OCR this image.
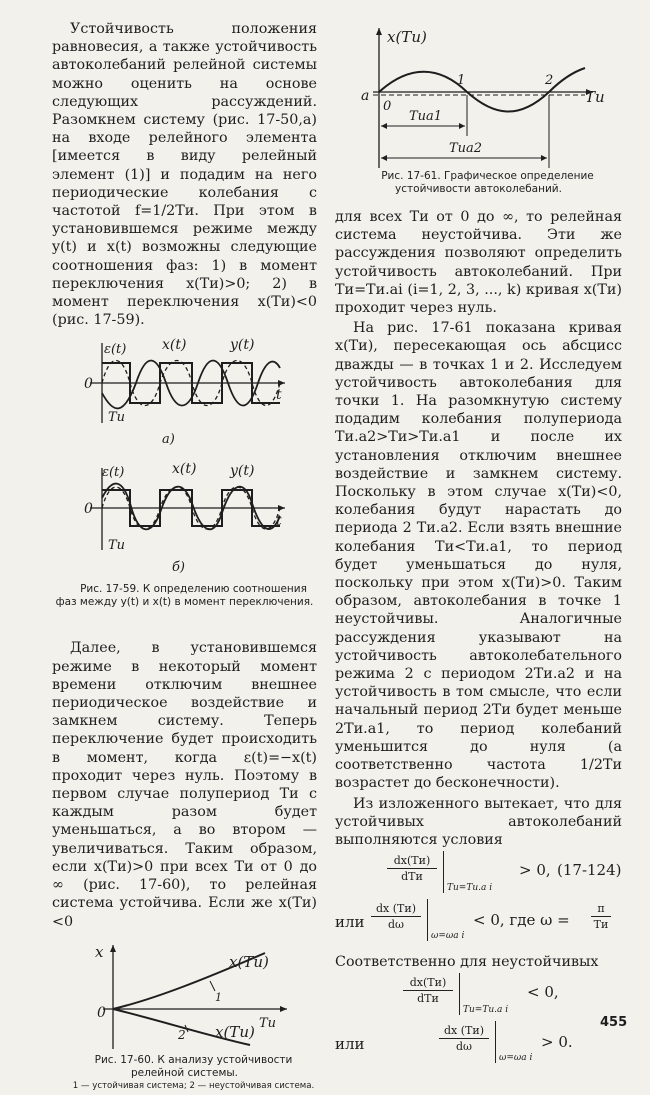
Устойчивость положения равновесия, а также устойчивость автоколебаний релейной системы можно оценить на основе следующих рассуждений. Разомкнем систему (рис. 17-50,а) на входе релейного элемента [имеется в виду релейный элемент (1)] и подадим на него периодические колебания с частотой f=1/2Tи. При этом в установившемся режиме между y(t) и x(t) возможны следующие соотношения фаз: 1) в момент переключения x(Tи)>0; 2) в момент переключения x(Tи)<0 (рис. 17-59).

ε(t)	x(t)	y(t)
0
t
Tu
а)
ε(t)	x(t) y(t)
0
t
Tu
б)

Рис. 17-59. К определению соотношения фаз между y(t) и x(t) в момент переключения.

Далее, в установившемся режиме в некоторый момент времени отключим внешнее периодическое воздействие и замкнем систему. Теперь переключение будет происходить в момент, когда ε(t)=−x(t) проходит через нуль. Поэтому в первом случае полупериод Tи с каждым разом будет уменьшаться, а во втором — увеличиваться. Таким образом, если x(Tи)>0 при всех Tи от 0 до ∞ (рис. 17-60), то релейная система устойчива. Если же x(Tи)<0

x
0
Tu
x(Tu)
x(Tu)
1
2

Рис. 17-60. К анализу устойчивости релейной системы.
1 — устойчивая система; 2 — неустойчивая система.

x(Tu)
a
0
1	2
Tu
Tua1
Tua2

Рис. 17-61. Графическое определение устойчивости автоколебаний.

для всех Tи от 0 до ∞, то релейная система неустойчива. Эти же рассуждения позволяют определить устойчивость автоколебаний. При Tи=Tи.аi (i=1, 2, 3, ..., k) кривая x(Tи) проходит через нуль.

На рис. 17-61 показана кривая x(Tи), пересекающая ось абсцисс дважды — в точках 1 и 2. Исследуем устойчивость автоколебания для точки 1. На разомкнутую систему подадим колебания полупериода Tи.а2>Tи>Tи.а1 и после их установления отключим внешнее воздействие и замкнем систему. Поскольку в этом случае x(Tи)<0, колебания будут нарастать до периода 2 Tи.а2. Если взять внешние колебания Tи<Tи.а1, то период будет уменьшаться до нуля, поскольку при этом x(Tи)>0. Таким образом, автоколебания в точке 1 неустойчивы. Аналогичные рассуждения указывают на устойчивость автоколебательного режима 2 с периодом 2Tи.а2 и на устойчивость в том смысле, что если начальный период 2Tи будет меньше 2Tи.а1, то период колебаний уменьшится до нуля (а соответственно частота 1/2Tи возрастет до бесконечности).

Из изложенного вытекает, что для устойчивых автоколебаний выполняются условия

dx(Tи)
dTи
Tи=Tи.а i
> 0, (17-124)
или
dx (Tи)
dω
ω=ωа i
< 0, где ω =
π
Tи

Соответственно для неустойчивых

dx(Tи)
dTи
Tи=Tи.а i
< 0,
или
dx (Tи)
dω
ω=ωа i
> 0.
455
